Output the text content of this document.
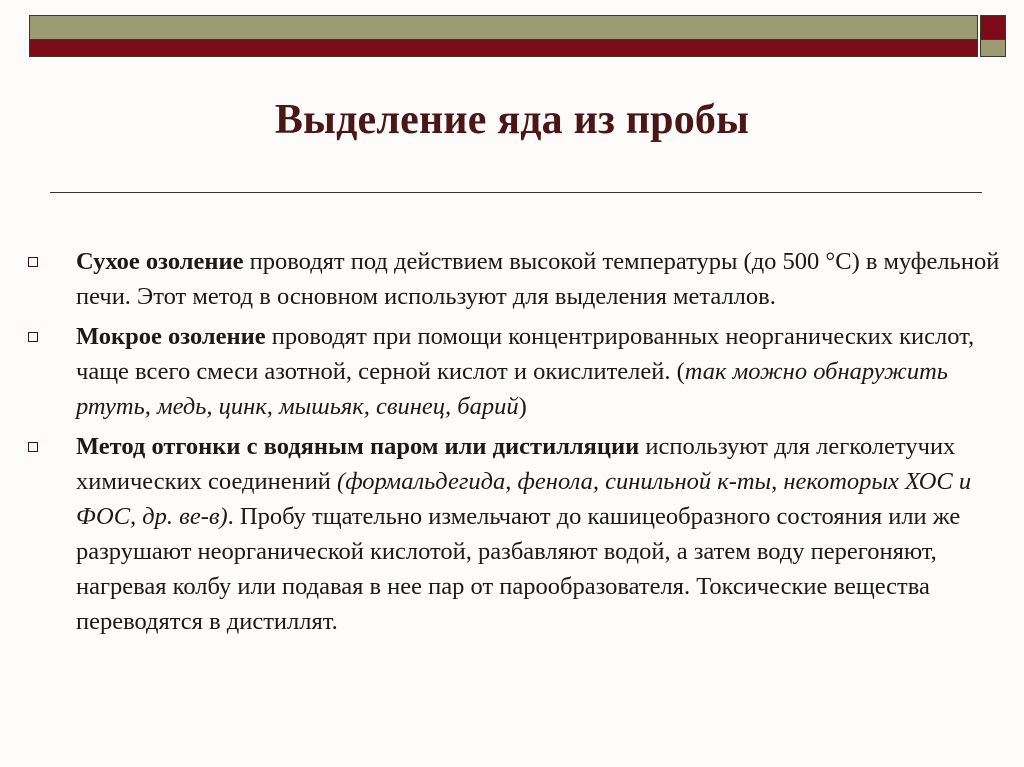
Выделение яда из пробы
Сухое озоление проводят под действием высокой температуры (до 500 °С) в муфельной печи. Этот метод в основном используют для выделения металлов.
Мокрое озоление проводят при помощи концентрированных неорганических кислот, чаще всего смеси азотной, серной кислот и окислителей. (так можно обнаружить ртуть, медь, цинк, мышьяк, свинец, барий)
Метод отгонки с водяным паром или дистилляции используют для легколетучих химических соединений (формальдегида, фенола, синильной к-ты, некоторых ХОС и ФОС, др. ве-в). Пробу тщательно измельчают до кашицеобразного состояния или же разрушают неорганической кислотой, разбавляют водой, а затем воду перегоняют, нагревая колбу или подавая в нее пар от парообразователя. Токсические вещества переводятся в дистиллят.
